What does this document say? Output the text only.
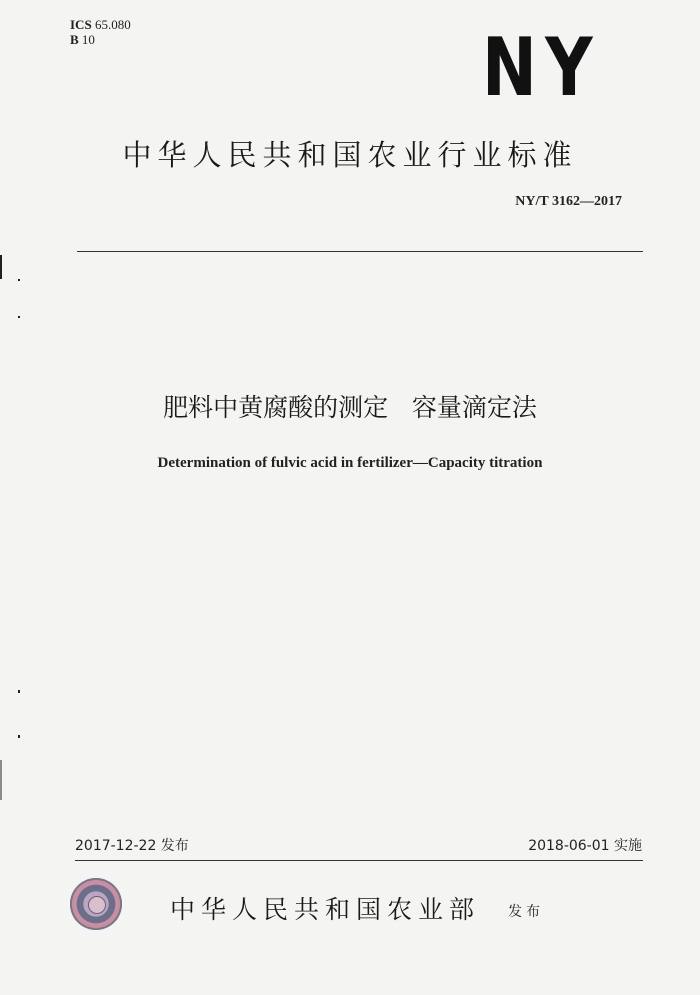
ICS 65.080
B 10	NY
中华人民共和国农业行业标准
NY/T 3162—2017
肥料中黄腐酸的测定   容量滴定法
Determination of fulvic acid in fertilizer—Capacity titration
2017-12-22 发布	2018-06-01 实施
中华人民共和国农业部 发布
